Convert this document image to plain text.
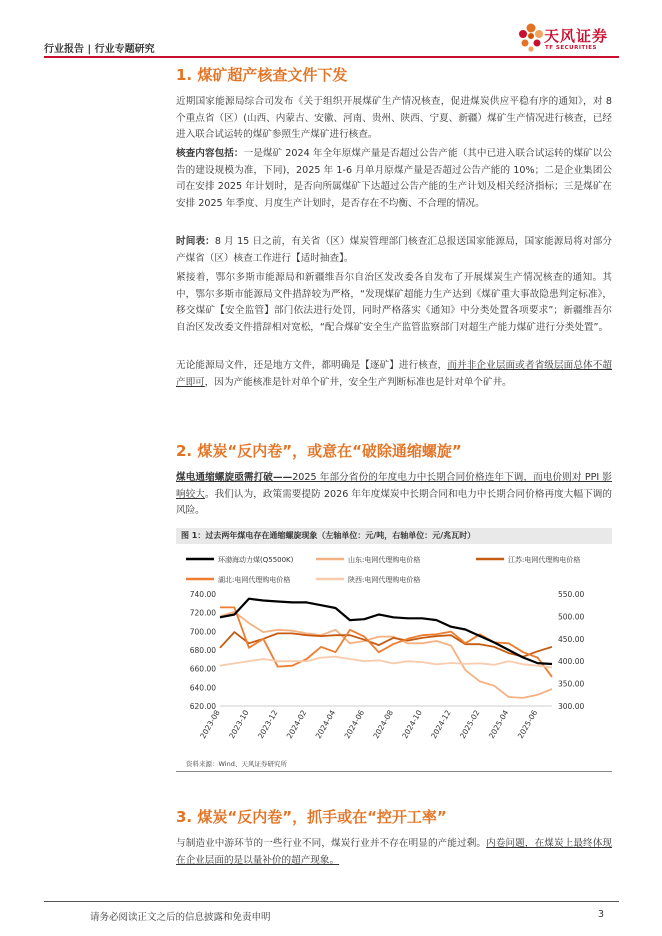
行业报告 | 行业专题研究
天风证券
TF SECURITIES
1. 煤矿超产核查文件下发
近期国家能源局综合司发布《关于组织开展煤矿生产情况核查，促进煤炭供应平稳有序的通知》，对 8 个重点省（区）(山西、内蒙古、安徽、河南、贵州、陕西、宁夏、新疆）煤矿生产情况进行核查，已经进入联合试运转的煤矿参照生产煤矿进行核查。
核查内容包括：一是煤矿 2024 年全年原煤产量是否超过公告产能（其中已进入联合试运转的煤矿以公告的建设规模为准，下同)，2025 年 1-6 月单月原煤产量是否超过公告产能的 10%；二是企业集团公司在安排 2025 年计划时，是否向所属煤矿下达超过公告产能的生产计划及相关经济指标；三是煤矿在安排 2025 年季度、月度生产计划时，是否存在不均衡、不合理的情况。
时间表：8 月 15 日之前，有关省（区）煤炭管理部门核查汇总报送国家能源局，国家能源局将对部分产煤省（区）核查工作进行【适时抽查】。
紧接着，鄂尔多斯市能源局和新疆维吾尔自治区发改委各自发布了开展煤炭生产情况核查的通知。其中，鄂尔多斯市能源局文件措辞较为严格，“发现煤矿超能力生产达到《煤矿重大事故隐患判定标准》，移交煤矿【安全监管】部门依法进行处罚，同时严格落实《通知》中分类处置各项要求”；新疆维吾尔自治区发改委文件措辞相对宽松，“配合煤矿安全生产监管监察部门对超生产能力煤矿进行分类处置”。
无论能源局文件，还是地方文件，都明确是【逐矿】进行核查，而并非企业层面或者省级层面总体不超产即可，因为产能核准是针对单个矿井，安全生产判断标准也是针对单个矿井。
2. 煤炭“反内卷”，或意在“破除通缩螺旋”
煤电通缩螺旋亟需打破——2025 年部分省份的年度电力中长期合同价格连年下调，而电价则对 PPI 影响较大。我们认为，政策需要提防 2026 年年度煤炭中长期合同和电力中长期合同价格再度大幅下调的风险。
图 1：过去两年煤电存在通缩螺旋现象（左轴单位：元/吨，右轴单位：元/兆瓦时）
环渤海动力煤(Q5500K)	山东:电网代理购电价格	江苏:电网代理购电价格
湖北:电网代理购电价格	陕西:电网代理购电价格
740.00
720.00
700.00
680.00
660.00
640.00
620.00
550.00
500.00
450.00
400.00
350.00
300.00
2023-08 2023-10 2023-12 2024-02 2024-04 2024-06 2024-08 2024-10 2024-12 2025-02 2025-04 2025-06
资料来源：Wind、天风证券研究所
3. 煤炭“反内卷”，抓手或在“控开工率”
与制造业中游环节的一些行业不同，煤炭行业并不存在明显的产能过剩。内卷问题，在煤炭上最终体现在企业层面的是以量补价的超产现象。
请务必阅读正文之后的信息披露和免责申明	3
